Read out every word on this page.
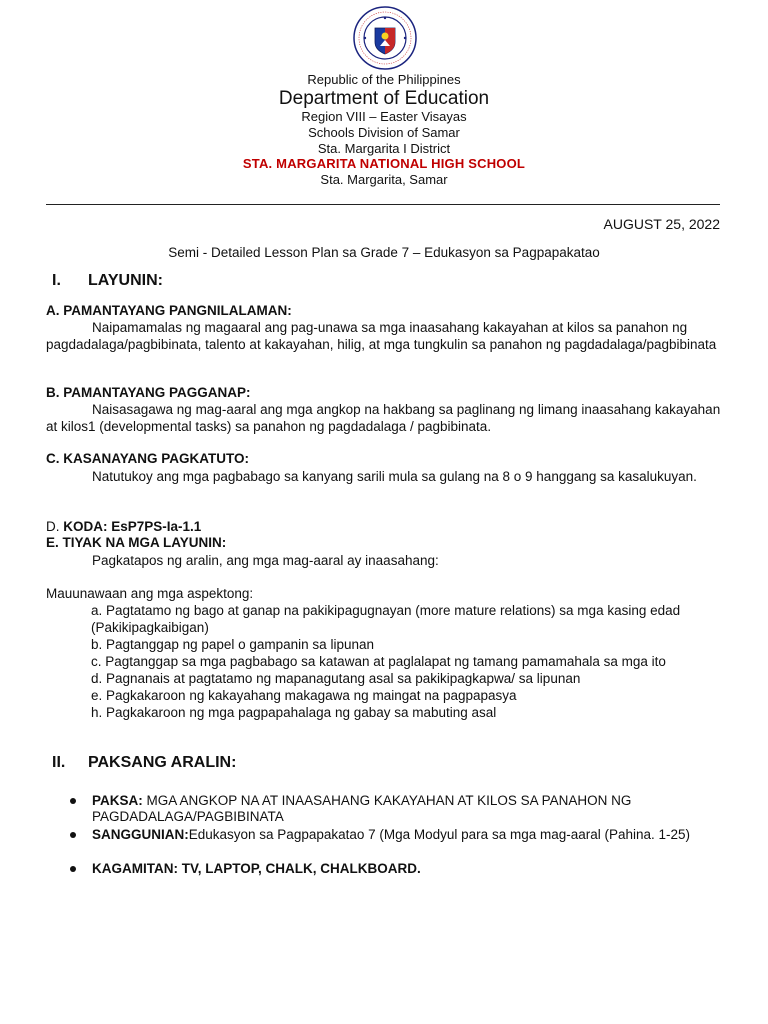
Republic of the Philippines
Department of Education
Region VIII – Easter Visayas
Schools Division of Samar
Sta. Margarita I District
STA. MARGARITA NATIONAL HIGH SCHOOL
Sta. Margarita, Samar
AUGUST 25, 2022
Semi - Detailed Lesson Plan sa Grade 7 – Edukasyon sa Pagpapakatao
I. LAYUNIN:
A. PAMANTAYANG PANGNILALAMAN:
Naipamamalas ng magaaral ang pag-unawa sa mga inaasahang kakayahan at kilos sa panahon ng pagdadalaga/pagbibinata, talento at kakayahan, hilig, at mga tungkulin sa panahon ng pagdadalaga/pagbibinata
B. PAMANTAYANG PAGGANAP:
Naisasagawa ng mag-aaral ang mga angkop na hakbang sa paglinang ng limang inaasahang kakayahan at kilos1 (developmental tasks) sa panahon ng pagdadalaga / pagbibinata.
C. KASANAYANG PAGKATUTO:
Natutukoy ang mga pagbabago sa kanyang sarili mula sa gulang na 8 o 9 hanggang sa kasalukuyan.
D. KODA: EsP7PS-Ia-1.1
E. TIYAK NA MGA LAYUNIN:
Pagkatapos ng aralin, ang mga mag-aaral ay inaasahang:
Mauunawaan ang mga aspektong:
a. Pagtatamo ng bago at ganap na pakikipagugnayan (more mature relations) sa mga kasing edad (Pakikipagkaibigan)
b. Pagtanggap ng papel o gampanin sa lipunan
c. Pagtanggap sa mga pagbabago sa katawan at paglalapat ng tamang pamamahala sa mga ito
d. Pagnanais at pagtatamo ng mapanagutang asal sa pakikipagkapwa/ sa lipunan
e. Pagkakaroon ng kakayahang makagawa ng maingat na pagpapasya
h. Pagkakaroon ng mga pagpapahalaga ng gabay sa mabuting asal
II. PAKSANG ARALIN:
PAKSA: MGA ANGKOP NA AT INAASAHANG KAKAYAHAN AT KILOS SA PANAHON NG PAGDADALAGA/PAGBIBINATA
SANGGUNIAN:Edukasyon sa Pagpapakatao 7 (Mga Modyul para sa mga mag-aaral (Pahina. 1-25)
KAGAMITAN: TV, LAPTOP, CHALK, CHALKBOARD.
